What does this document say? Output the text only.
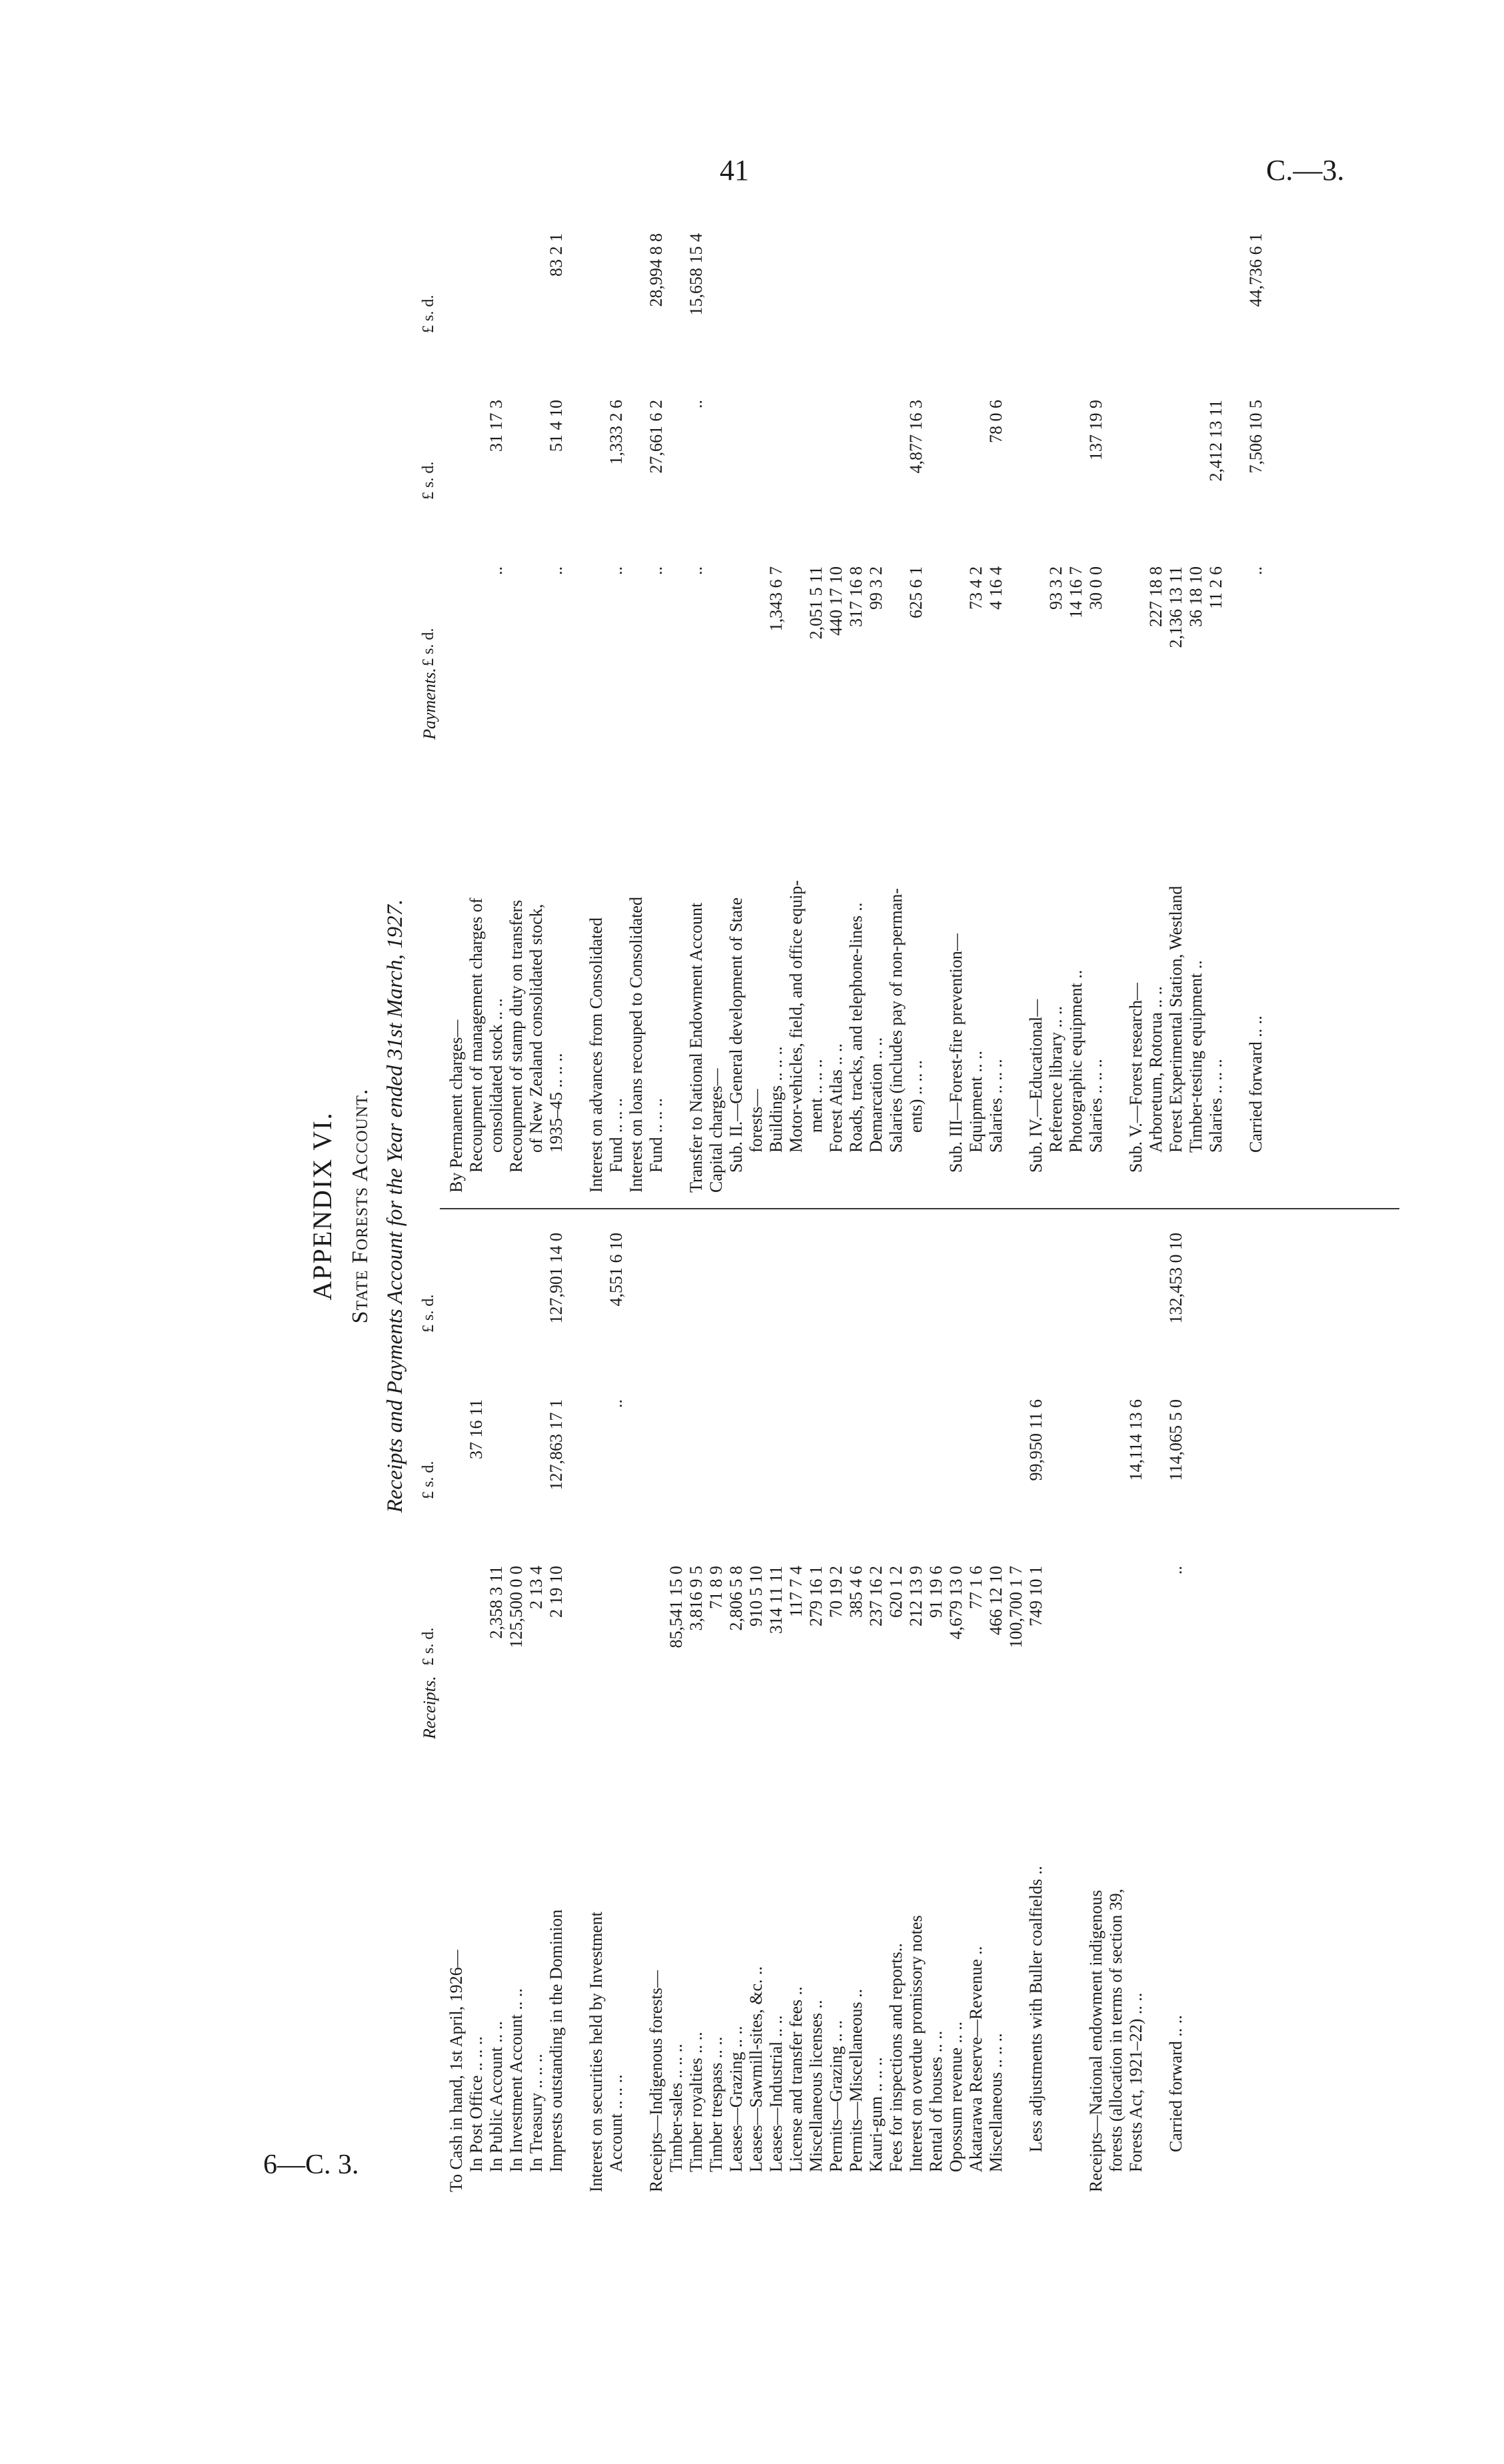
41	C.—3.
6—C. 3.
APPENDIX VI. State Forests Account. Receipts and Payments Account for the Year ended 31st March, 1927.
Receipts.
£ s. d.
£ s. d.
£ s. d.
To Cash in hand, 1st April, 1926— In Post Office .. .. ..
37 16 11
In Public Account .. ..
2,358 3 11
In Investment Account .. ..
125,500 0 0
In Treasury .. .. ..
2 13 4
Imprests outstanding in the Dominion
2 19 10
127,863 17 1
127,901 14 0
Interest on securities held by Investment Account .. .. ..
..
4,551 6 10
Receipts—Indigenous forests— Timber-sales .. .. ..
85,541 15 0
Timber royalties .. ..
3,816 9 5
Timber trespass .. ..
71 8 9
Leases—Grazing .. ..
2,806 5 8
Leases—Sawmill-sites, &c. ..
910 5 10
Leases—Industrial .. ..
314 11 11
License and transfer fees ..
117 7 4
Miscellaneous licenses ..
279 16 1
Permits—Grazing .. ..
70 19 2
Permits—Miscellaneous ..
385 4 6
Kauri-gum .. .. ..
237 16 2
Fees for inspections and reports..
620 1 2
Interest on overdue promissory notes
212 13 9
Rental of houses .. ..
91 19 6
Opossum revenue .. ..
4,679 13 0
Akatarawa Reserve—Revenue ..
77 1 6
Miscellaneous .. .. ..
466 12 10 100,700 1 7
Less adjustments with Buller coalfields ..
749 10 1
99,950 11 6
Receipts—National endowment indigenous forests (allocation in terms of section 39, Forests Act, 1921–22) .. ..
14,114 13 6
Carried forward .. ..
..
114,065 5 0
132,453 0 10
Payments.
£ s. d.
£ s. d.
£ s. d.
By Permanent charges— Recoupment of management charges of consolidated stock .. ..
..
31 17 3
Recoupment of stamp duty on transfers of New Zealand consolidated stock, 1935–45 .. .. ..
..
51 4 10
83 2 1
Interest on advances from Consolidated Fund .. .. ..
..
1,333 2 6
Interest on loans recouped to Consolidated Fund .. .. ..
..
27,661 6 2
28,994 8 8
Transfer to National Endowment Account
..
..
15,658 15 4
Capital charges— Sub. II.—General development of State forests— Buildings .. .. ..
1,343 6 7
Motor-vehicles, field, and office equip- ment .. .. ..
2,051 5 11
Forest Atlas .. ..
440 17 10
Roads, tracks, and telephone-lines ..
317 16 8
Demarcation .. ..
99 3 2
Salaries (includes pay of non-perman- ents) .. .. ..
625 6 1
4,877 16 3
Sub. III—Forest-fire prevention— Equipment .. ..
73 4 2
Salaries .. .. ..
4 16 4
78 0 6
Sub. IV.—Educational— Reference library .. ..
93 3 2
Photographic equipment ..
14 16 7
Salaries .. .. ..
30 0 0
137 19 9
Sub. V.—Forest research— Arboretum, Rotorua .. ..
227 18 8
Forest Experimental Station, Westland
2,136 13 11
Timber-testing equipment ..
36 18 10
Salaries .. .. ..
11 2 6
2,412 13 11
Carried forward .. ..
..
7,506 10 5
44,736 6 1
